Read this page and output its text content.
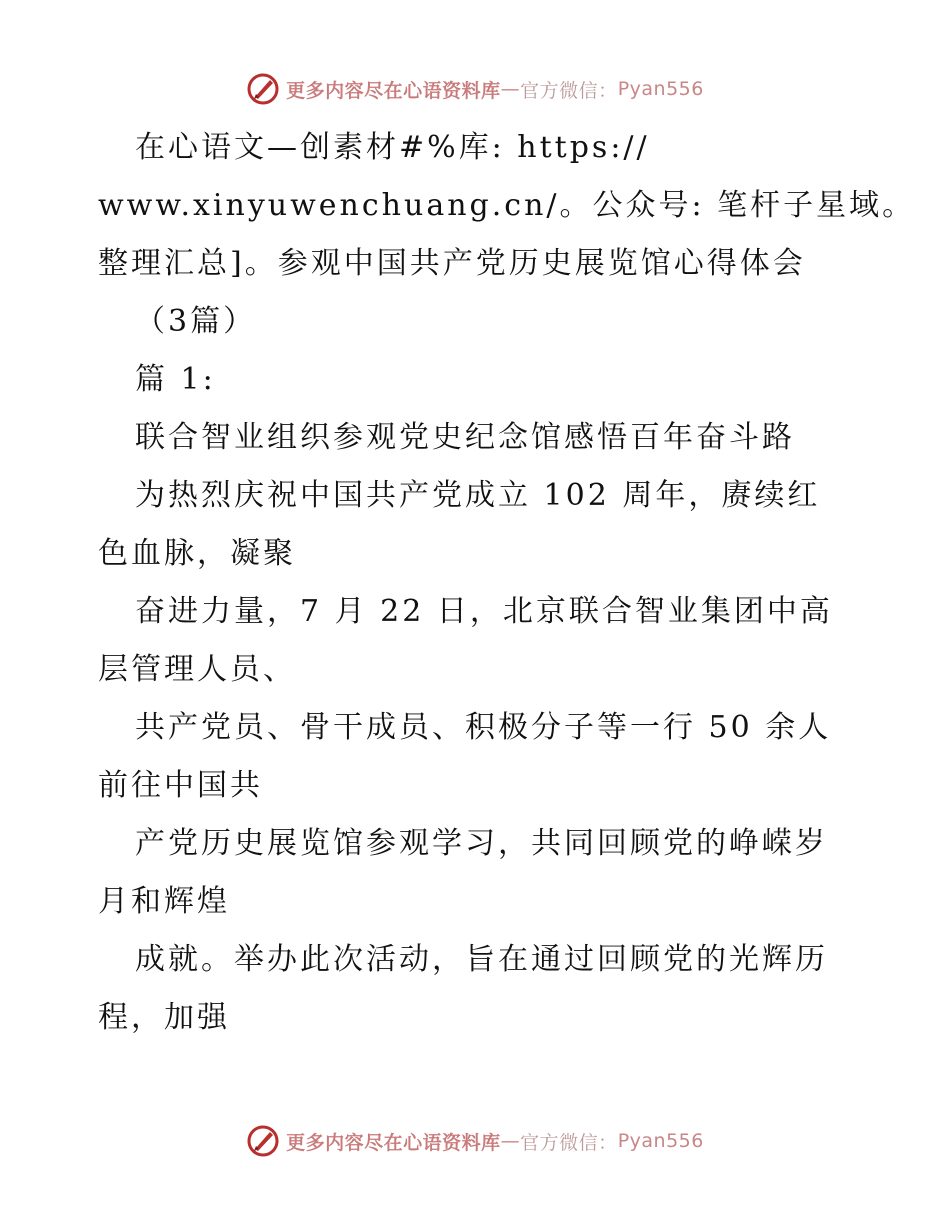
更多内容尽在心语资料库 — 官方微信： Pyan556
在心语文—创素材#%库: https://
www.xinyuwenchuang.cn/。公众号: 笔杆子星域。
整理汇总]。参观中国共产党历史展览馆心得体会
（3篇）
篇 1:
联合智业组织参观党史纪念馆感悟百年奋斗路
为热烈庆祝中国共产党成立 102 周年，赓续红
色血脉，凝聚
奋进力量，7 月 22 日，北京联合智业集团中高
层管理人员、
共产党员、骨干成员、积极分子等一行 50 余人
前往中国共
产党历史展览馆参观学习，共同回顾党的峥嵘岁
月和辉煌
成就。举办此次活动，旨在通过回顾党的光辉历
程，加强
更多内容尽在心语资料库 — 官方微信： Pyan556
